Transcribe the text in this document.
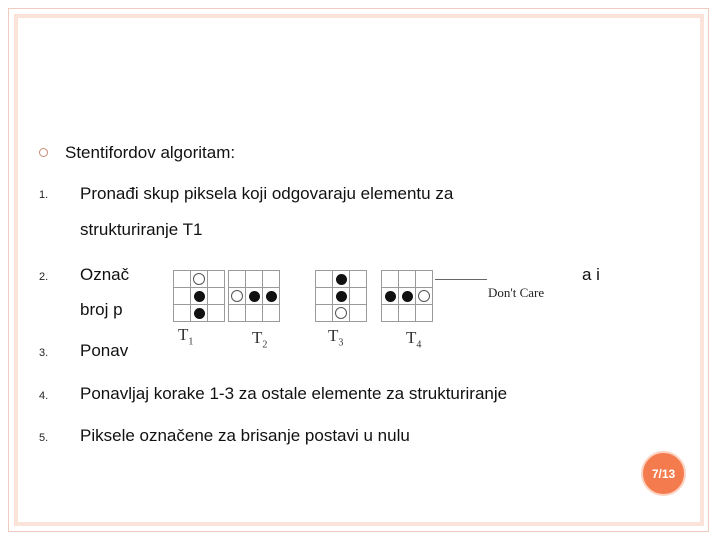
Stentifordov algoritam:
1. Pronađi skup piksela koji odgovaraju elementu za
strukturiranje T1
2. Označ	a i
broj p
3. Ponav
4. Ponavljaj korake 1-3 za ostale elemente za strukturiranje
5. Piksele označene za brisanje postavi u nulu
$T_1$	$T_2$	$T_3$	$T_4$
Don't Care
7/13
